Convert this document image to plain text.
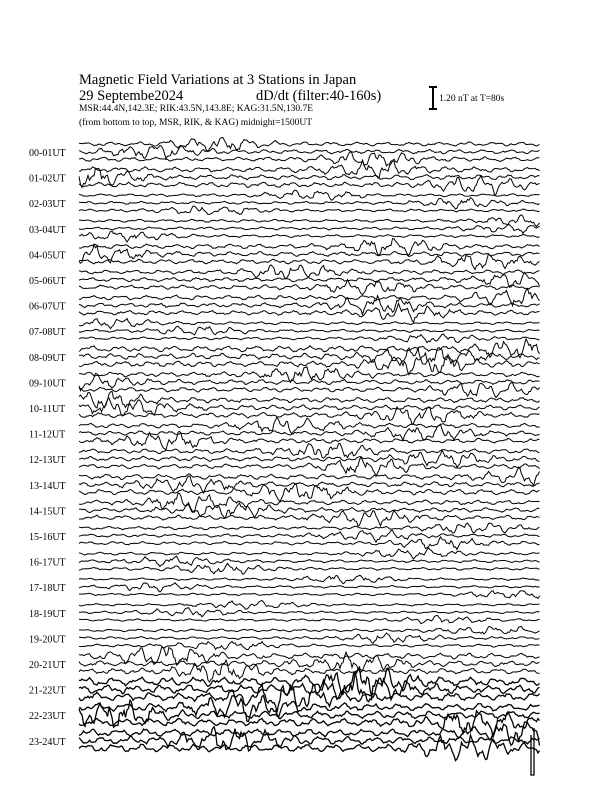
Magnetic Field Variations at 3 Stations in Japan
29 Septembe2024	dD/dt (filter:40-160s)
MSR:44.4N,142.3E; RIK:43.5N,143.8E; KAG:31.5N,130.7E
(from bottom to top, MSR, RIK, & KAG) midnight=1500UT
1.20 nT at T=80s
00-01UT
01-02UT
02-03UT
03-04UT
04-05UT
05-06UT
06-07UT
07-08UT
08-09UT
09-10UT
10-11UT
11-12UT
12-13UT
13-14UT
14-15UT
15-16UT
16-17UT
17-18UT
18-19UT
19-20UT
20-21UT
21-22UT
22-23UT
23-24UT
